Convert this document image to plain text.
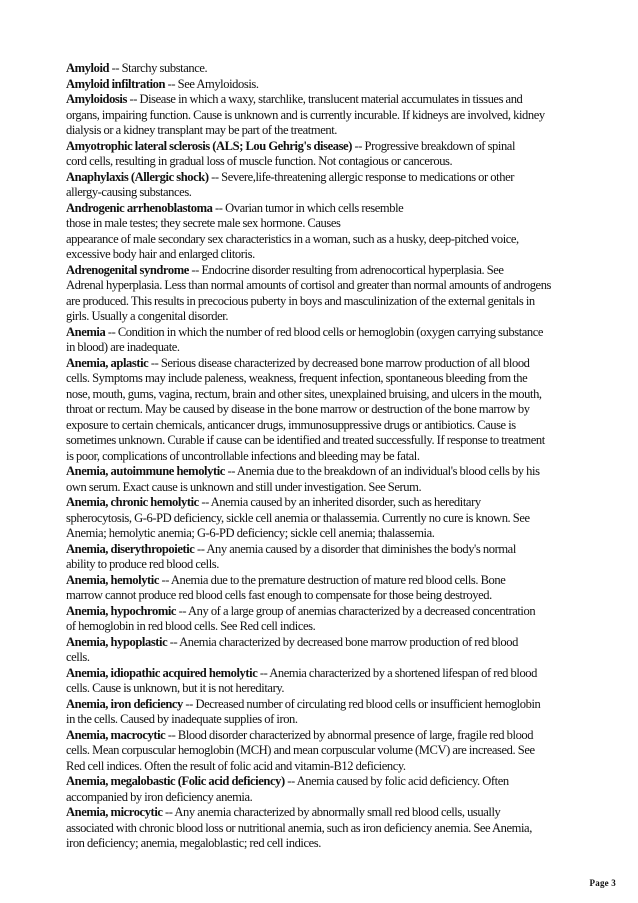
Amyloid -- Starchy substance.
Amyloid infiltration -- See Amyloidosis.
Amyloidosis -- Disease in which a waxy, starchlike, translucent material accumulates in tissues and
organs, impairing function. Cause is unknown and is currently incurable. If kidneys are involved, kidney
dialysis or a kidney transplant may be part of the treatment.
Amyotrophic lateral sclerosis (ALS; Lou Gehrig's disease) -- Progressive breakdown of spinal
cord cells, resulting in gradual loss of muscle function. Not contagious or cancerous.
Anaphylaxis (Allergic shock) -- Severe,life-threatening allergic response to medications or other
allergy-causing substances.
Androgenic arrhenoblastoma -- Ovarian tumor in which cells resemble
those in male testes; they secrete male sex hormone. Causes
appearance of male secondary sex characteristics in a woman, such as a husky, deep-pitched voice,
excessive body hair and enlarged clitoris.
Adrenogenital syndrome -- Endocrine disorder resulting from adrenocortical hyperplasia. See
Adrenal hyperplasia. Less than normal amounts of cortisol and greater than normal amounts of androgens
are produced. This results in precocious puberty in boys and masculinization of the external genitals in
girls. Usually a congenital disorder.
Anemia -- Condition in which the number of red blood cells or hemoglobin (oxygen carrying substance
in blood) are inadequate.
Anemia, aplastic -- Serious disease characterized by decreased bone marrow production of all blood
cells. Symptoms may include paleness, weakness, frequent infection, spontaneous bleeding from the
nose, mouth, gums, vagina, rectum, brain and other sites, unexplained bruising, and ulcers in the mouth,
throat or rectum. May be caused by disease in the bone marrow or destruction of the bone marrow by
exposure to certain chemicals, anticancer drugs, immunosuppressive drugs or antibiotics. Cause is
sometimes unknown. Curable if cause can be identified and treated successfully. If response to treatment
is poor, complications of uncontrollable infections and bleeding may be fatal.
Anemia, autoimmune hemolytic -- Anemia due to the breakdown of an individual's blood cells by his
own serum. Exact cause is unknown and still under investigation. See Serum.
Anemia, chronic hemolytic -- Anemia caused by an inherited disorder, such as hereditary
spherocytosis, G-6-PD deficiency, sickle cell anemia or thalassemia. Currently no cure is known. See
Anemia; hemolytic anemia; G-6-PD deficiency; sickle cell anemia; thalassemia.
Anemia, diserythropoietic -- Any anemia caused by a disorder that diminishes the body's normal
ability to produce red blood cells.
Anemia, hemolytic -- Anemia due to the premature destruction of mature red blood cells. Bone
marrow cannot produce red blood cells fast enough to compensate for those being destroyed.
Anemia, hypochromic -- Any of a large group of anemias characterized by a decreased concentration
of hemoglobin in red blood cells. See Red cell indices.
Anemia, hypoplastic -- Anemia characterized by decreased bone marrow production of red blood
cells.
Anemia, idiopathic acquired hemolytic -- Anemia characterized by a shortened lifespan of red blood
cells. Cause is unknown, but it is not hereditary.
Anemia, iron deficiency -- Decreased number of circulating red blood cells or insufficient hemoglobin
in the cells. Caused by inadequate supplies of iron.
Anemia, macrocytic -- Blood disorder characterized by abnormal presence of large, fragile red blood
cells. Mean corpuscular hemoglobin (MCH) and mean corpuscular volume (MCV) are increased. See
Red cell indices. Often the result of folic acid and vitamin-B12 deficiency.
Anemia, megalobastic (Folic acid deficiency) -- Anemia caused by folic acid deficiency. Often
accompanied by iron deficiency anemia.
Anemia, microcytic -- Any anemia characterized by abnormally small red blood cells, usually
associated with chronic blood loss or nutritional anemia, such as iron deficiency anemia. See Anemia,
iron deficiency; anemia, megaloblastic; red cell indices.
Page 3
